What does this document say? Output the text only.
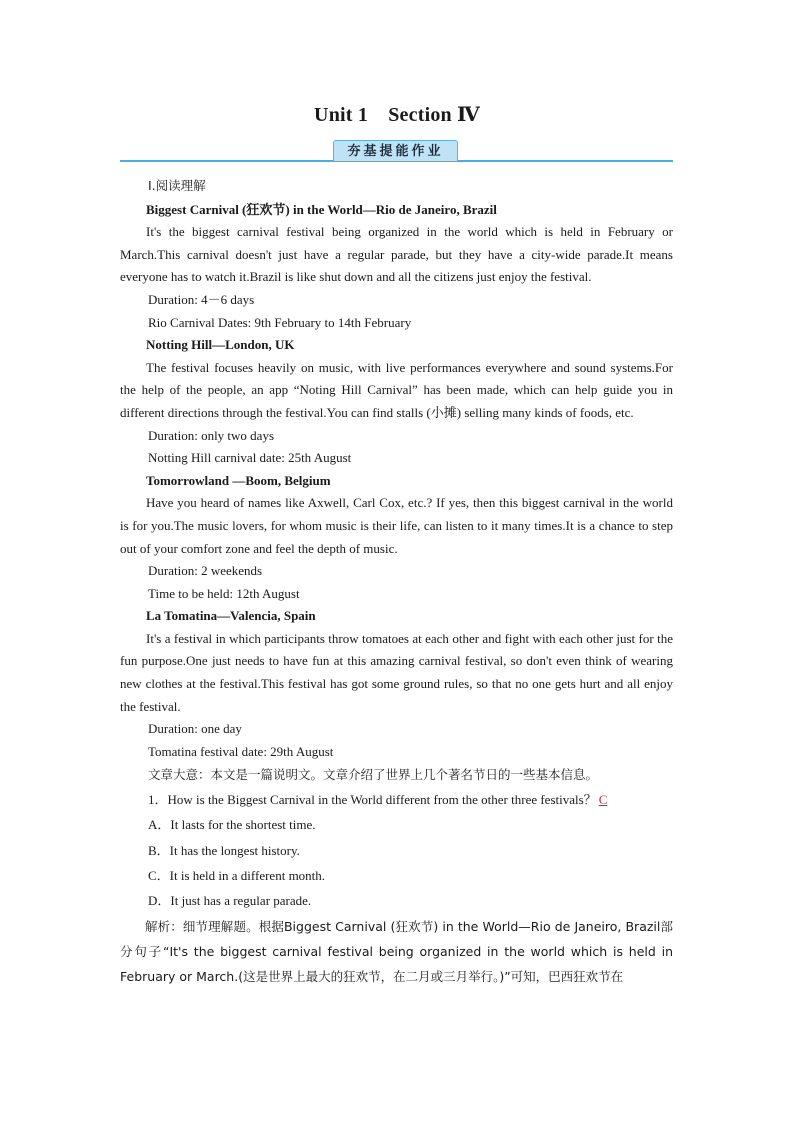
Unit 1　Section Ⅳ
夯基提能作业

Ⅰ.阅读理解

Biggest Carnival (狂欢节) in the World—Rio de Janeiro, Brazil

It's the biggest carnival festival being organized in the world which is held in February or March.This carnival doesn't just have a regular parade, but they have a city-wide parade.It means everyone has to watch it.Brazil is like shut down and all the citizens just enjoy the festival.

Duration: 4－6 days

Rio Carnival Dates: 9th February to 14th February

Notting Hill—London, UK

The festival focuses heavily on music, with live performances everywhere and sound systems.For the help of the people, an app “Noting Hill Carnival” has been made, which can help guide you in different directions through the festival.You can find stalls (小摊) selling many kinds of foods, etc.

Duration: only two days

Notting Hill carnival date: 25th August

Tomorrowland —Boom, Belgium

Have you heard of names like Axwell, Carl Cox, etc.? If yes, then this biggest carnival in the world is for you.The music lovers, for whom music is their life, can listen to it many times.It is a chance to step out of your comfort zone and feel the depth of music.

Duration: 2 weekends

Time to be held: 12th August

La Tomatina—Valencia, Spain

It's a festival in which participants throw tomatoes at each other and fight with each other just for the fun purpose.One just needs to have fun at this amazing carnival festival, so don't even think of wearing new clothes at the festival.This festival has got some ground rules, so that no one gets hurt and all enjoy the festival.

Duration: one day

Tomatina festival date: 29th August

文章大意：本文是一篇说明文。文章介绍了世界上几个著名节日的一些基本信息。

1．How is the Biggest Carnival in the World different from the other three festivals？ C

A．It lasts for the shortest time.

B．It has the longest history.

C．It is held in a different month.

D．It just has a regular parade.

解析：细节理解题。根据Biggest Carnival (狂欢节) in the World—Rio de Janeiro, Brazil部分句子“It's the biggest carnival festival being organized in the world which is held in February or March.(这是世界上最大的狂欢节，在二月或三月举行。)”可知，巴西狂欢节在
